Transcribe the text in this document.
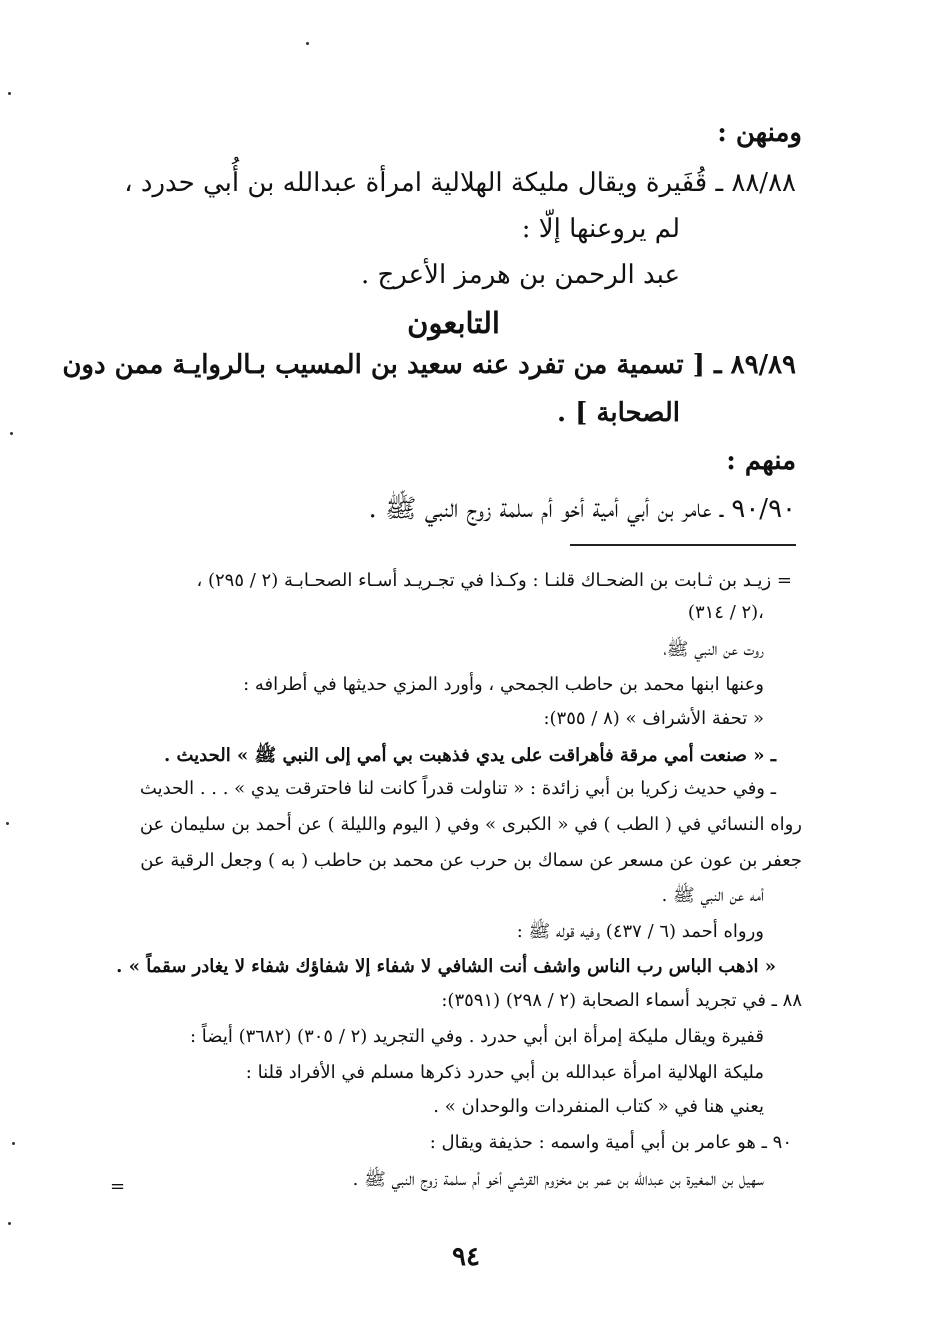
ومنهن :
٨٨/٨٨ ـ قُفَيرة ويقال مليكة الهلالية امرأة عبدالله بن أُبي حدرد ،
لم يروعنها إلّا :
عبد الرحمن بن هرمز الأعرج .
التابعون
٨٩/٨٩ ـ [ تسمية من تفرد عنه سعيد بن المسيب بـالروايـة ممن دون
الصحابة ] .
منهم :
٩٠/٩٠ ـ عامر بن أبي أمية أخو أم سلمة زوج النبي ﷺ .
= زيـد بن ثـابت بن الضحـاك قلنـا : وكـذا في تجـريـد أسـاء الصحـابـة (٢ / ٢٩٥) ،
(٢ / ٣١٤)،
روت عن النبي ﷺ،
وعنها ابنها محمد بن حاطب الجمحي ، وأورد المزي حديثها في أطرافه :
« تحفة الأشراف » (٨ / ٣٥٥):
ـ « صنعت أمي مرقة فأهراقت على يدي فذهبت بي أمي إلى النبي ﷺ » الحديث .
ـ وفي حديث زكريا بن أبي زائدة : « تناولت قدراً كانت لنا فاحترقت يدي » . . . الحديث
رواه النسائي في ( الطب ) في « الكبرى » وفي ( اليوم والليلة ) عن أحمد بن سليمان عن
جعفر بن عون عن مسعر عن سماك بن حرب عن محمد بن حاطب ( به ) وجعل الرقية عن
أمه عن النبي ﷺ .
ورواه أحمد (٦ / ٤٣٧) وفيه قوله ﷺ :
« اذهب الباس رب الناس واشف أنت الشافي لا شفاء إلا شفاؤك شفاء لا يغادر سقماً » .
٨٨ ـ في تجريد أسماء الصحابة (٢ / ٢٩٨) (٣٥٩١):
قفيرة ويقال مليكة إمرأة ابن أبي حدرد . وفي التجريد (٢ / ٣٠٥) (٣٦٨٢) أيضاً :
مليكة الهلالية امرأة عبدالله بن أبي حدرد ذكرها مسلم في الأفراد قلنا :
يعني هنا في « كتاب المنفردات والوحدان » .
٩٠ ـ هو عامر بن أبي أمية واسمه : حذيفة ويقال :
سهيل بن المغيرة بن عبدالله بن عمر بن مخزوم القرشي أخو أم سلمة زوج النبي ﷺ .
=
٩٤
